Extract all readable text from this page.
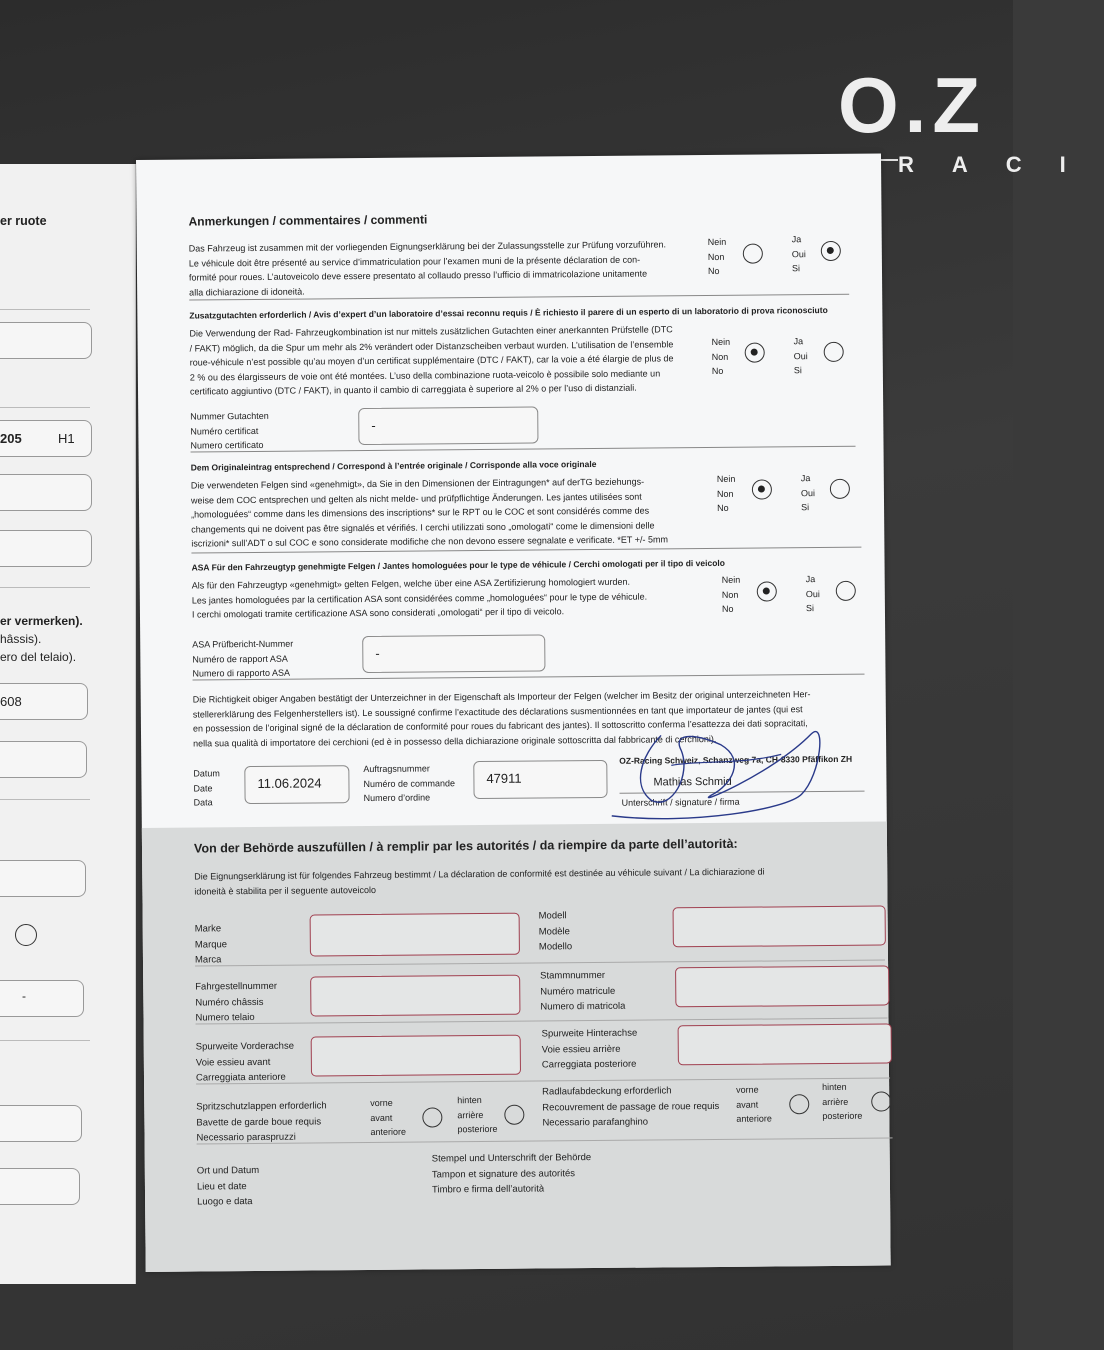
O.Z
RACI
er ruote
205	H1
er vermerken).
hâssis).
ero del telaio).
608
-
Anmerkungen / commentaires / commenti
Das Fahrzeug ist zusammen mit der vorliegenden Eignungserklärung bei der Zulassungsstelle zur Prüfung vorzuführen.
Le véhicule doit être présenté au service d’immatriculation pour l’examen muni de la présente déclaration de con-
formité pour roues. L’autoveicolo deve essere presentato al collaudo presso l’ufficio di immatricolazione unitamente
alla dichiarazione di idoneità.
Nein
Non
No
Ja
Oui
Si
Zusatzgutachten erforderlich / Avis d’expert d’un laboratoire d’essai reconnu requis / È richiesto il parere di un esperto di un laboratorio di prova riconosciuto
Die Verwendung der Rad- Fahrzeugkombination ist nur mittels zusätzlichen Gutachten einer anerkannten Prüfstelle (DTC
/ FAKT) möglich, da die Spur um mehr als 2% verändert oder Distanzscheiben verbaut wurden. L’utilisation de l’ensemble
roue-véhicule n’est possible qu’au moyen d’un certificat supplémentaire (DTC / FAKT), car la voie a été élargie de plus de
2 % ou des élargisseurs de voie ont été montées. L’uso della combinazione ruota-veicolo è possibile solo mediante un
certificato aggiuntivo (DTC / FAKT), in quanto il cambio di carreggiata è superiore al 2% o per l’uso di distanziali.
Nein
Non
No
Ja
Oui
Si
Nummer Gutachten
Numéro certificat
Numero certificato
-
Dem Originaleintrag entsprechend / Correspond à l’entrée originale / Corrisponde alla voce originale
Die verwendeten Felgen sind «genehmigt», da Sie in den Dimensionen der Eintragungen* auf derTG beziehungs-
weise dem COC entsprechen und gelten als nicht melde- und prüfpflichtige Änderungen. Les jantes utilisées sont
„homologuées“ comme dans les dimensions des inscriptions* sur le RPT ou le COC et sont considérés comme des
changements qui ne doivent pas être signalés et vérifiés. I cerchi utilizzati sono „omologati“ come le dimensioni delle
iscrizioni* sull’ADT o sul COC e sono considerate modifiche che non devono essere segnalate e verificate. *ET +/- 5mm
Nein
Non
No
Ja
Oui
Si
ASA Für den Fahrzeugtyp genehmigte Felgen / Jantes homologuées pour le type de véhicule / Cerchi omologati per il tipo di veicolo
Als für den Fahrzeugtyp «genehmigt» gelten Felgen, welche über eine ASA Zertifizierung homologiert wurden.
Les jantes homologuées par la certification ASA sont considérées comme „homologuées“ pour le type de véhicule.
I cerchi omologati tramite certificazione ASA sono considerati „omologati“ per il tipo di veicolo.
Nein
Non
No
Ja
Oui
Si
ASA Prüfbericht-Nummer
Numéro de rapport ASA
Numero di rapporto ASA
-
Die Richtigkeit obiger Angaben bestätigt der Unterzeichner in der Eigenschaft als Importeur der Felgen (welcher im Besitz der original unterzeichneten Her-
stellererklärung des Felgenherstellers ist). Le soussigné confirme l’exactitude des déclarations susmentionnées en tant que importateur de jantes (qui est
en possession de l’original signé de la déclaration de conformité pour roues du fabricant des jantes). Il sottoscritto conferma l’esattezza dei dati sopracitati,
nella sua qualità di importatore dei cerchioni (ed è in possesso della dichiarazione originale sottoscritta dal fabbricante di cerchioni).
Datum
Date
Data
11.06.2024
Auftragsnummer
Numéro de commande
Numero d’ordine
47911
OZ-Racing Schweiz, Schanzweg 7a, CH-8330 Pfäffikon ZH
Mathias Schmid
Unterschrift / signature / firma
Von der Behörde auszufüllen / à remplir par les autorités / da riempire da parte dell’autorità:
Die Eignungserklärung ist für folgendes Fahrzeug bestimmt / La déclaration de conformité est destinée au véhicule suivant / La dichiarazione di
idoneità è stabilita per il seguente autoveicolo
Marke
Marque
Marca
Modell
Modèle
Modello
Fahrgestellnummer
Numéro châssis
Numero telaio
Stammnummer
Numéro matricule
Numero di matricola
Spurweite Vorderachse
Voie essieu avant
Carreggiata anteriore
Spurweite Hinterachse
Voie essieu arrière
Carreggiata posteriore
Spritzschutzlappen erforderlich
Bavette de garde boue requis
Necessario paraspruzzi
vorne
avant
anteriore
hinten
arrière
posteriore
Radlaufabdeckung erforderlich
Recouvrement de passage de roue requis
Necessario parafanghino
vorne
avant
anteriore
hinten
arrière
posteriore
Ort und Datum
Lieu et date
Luogo e data
Stempel und Unterschrift der Behörde
Tampon et signature des autorités
Timbro e firma dell’autorità
